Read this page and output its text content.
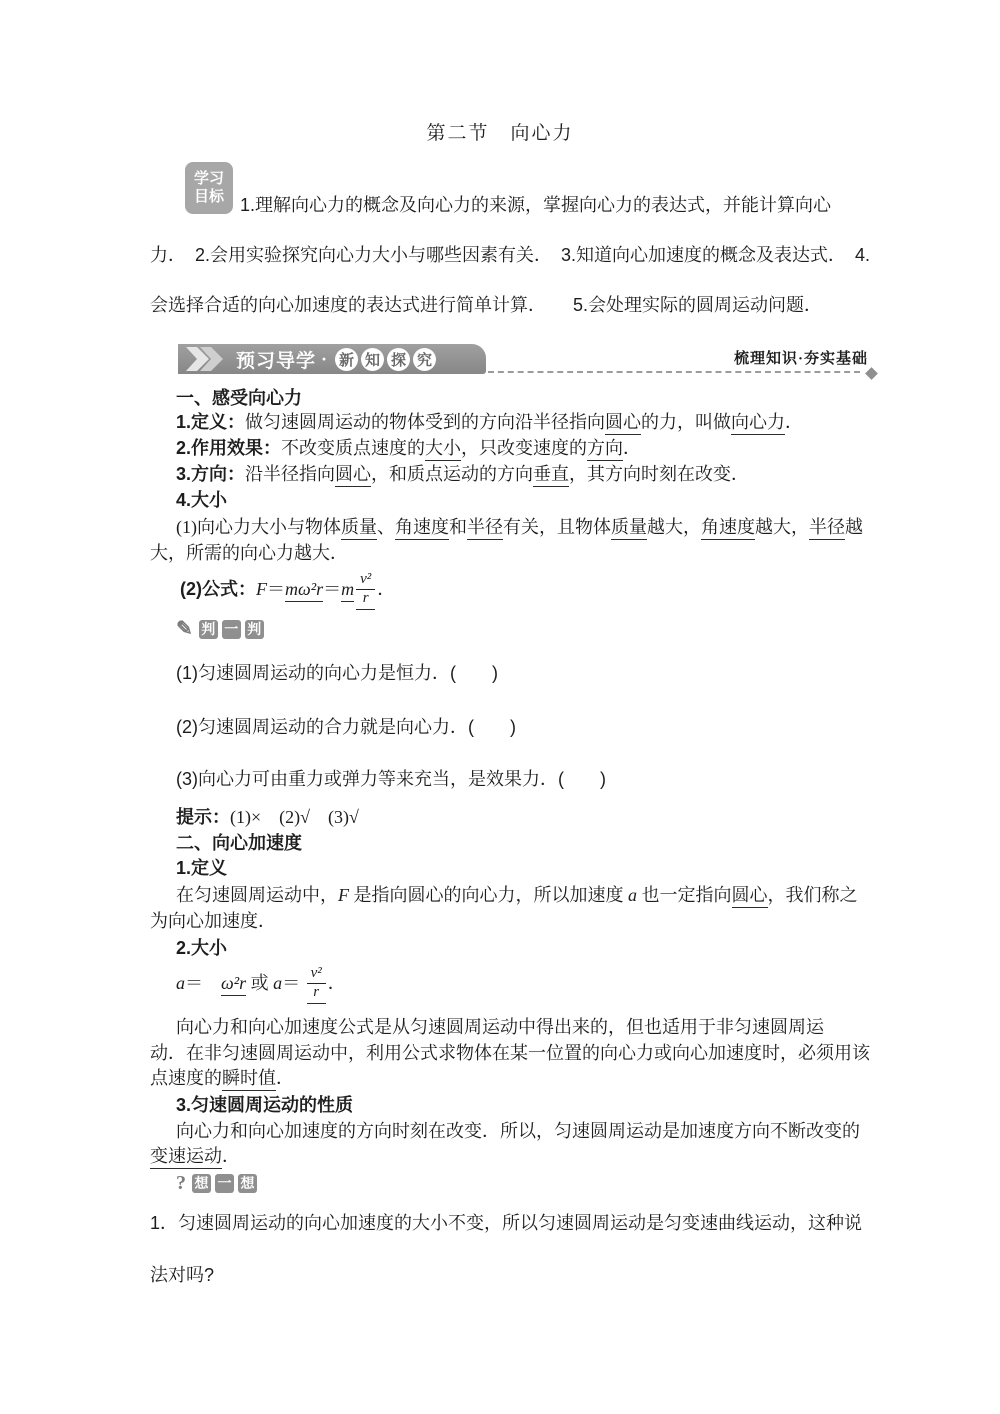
第二节　向心力
学习
目标 1.理解向心力的概念及向心力的来源，掌握向心力的表达式，并能计算向心
力．　2.会用实验探究向心力大小与哪些因素有关．　3.知道向心加速度的概念及表达式．　4.
会选择合适的向心加速度的表达式进行简单计算．　　5.会处理实际的圆周运动问题．
预习导学 · 新 知 探 究	梳理知识·夯实基础
一、感受向心力
1.定义：做匀速圆周运动的物体受到的方向沿半径指向圆心的力，叫做向心力．
2.作用效果：不改变质点速度的大小，只改变速度的方向．
3.方向：沿半径指向圆心，和质点运动的方向垂直，其方向时刻在改变．
4.大小
(1)向心力大小与物体质量、角速度和半径有关，且物体质量越大，角速度越大，半径越
大，所需的向心力越大．
(2)公式：$F=m\omega^2r=m \frac{\text{v²}}{r}$ ．
✎ 判 一 判
(1)匀速圆周运动的向心力是恒力．(　　)
(2)匀速圆周运动的合力就是向心力．(　　)
(3)向心力可由重力或弹力等来充当，是效果力．(　　)
提示：(1)×　(2)√　(3)√
二、向心加速度
1.定义
在匀速圆周运动中，F 是指向圆心的向心力，所以加速度 a 也一定指向圆心，我们称之
为向心加速度．
2.大小
a＝　ω²r 或 $a= \frac{\text{v²}}{r}$ ．
向心力和向心加速度公式是从匀速圆周运动中得出来的，但也适用于非匀速圆周运
动．在非匀速圆周运动中，利用公式求物体在某一位置的向心力或向心加速度时，必须用该
点速度的瞬时值．
3.匀速圆周运动的性质
向心力和向心加速度的方向时刻在改变．所以，匀速圆周运动是加速度方向不断改变的
变速运动．
? 想 一 想
1．匀速圆周运动的向心加速度的大小不变，所以匀速圆周运动是匀变速曲线运动，这种说
法对吗?
